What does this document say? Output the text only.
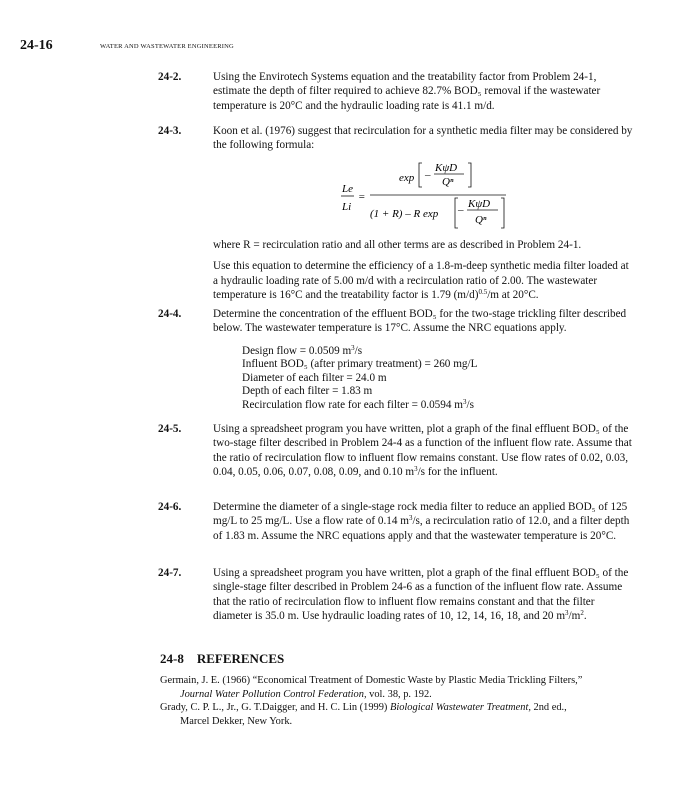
24-16	WATER AND WASTEWATER ENGINEERING
24-2.	Using the Envirotech Systems equation and the treatability factor from Problem 24-1, estimate the depth of filter required to achieve 82.7% BOD₅ removal if the wastewater temperature is 20°C and the hydraulic loading rate is 41.1 m/d.

24-3.	Koon et al. (1976) suggest that recirculation for a synthetic media filter may be considered by the following formula:

Le
Li
=
exp –
KψD
Qⁿ
(1 + R) – R exp – KψD
Qⁿ

where R = recirculation ratio and all other terms are as described in Problem 24-1.

Use this equation to determine the efficiency of a 1.8-m-deep synthetic media filter loaded at a hydraulic loading rate of 5.00 m/d with a recirculation ratio of 2.00. The wastewater temperature is 16°C and the treatability factor is 1.79 $(m/d)^{0.5}/m$ at 20°C.

24-4.	Determine the concentration of the effluent BOD₅ for the two-stage trickling filter described below. The wastewater temperature is 17°C. Assume the NRC equations apply.

Design flow = 0.0509 $m^3/s$
Influent BOD₅ (after primary treatment) = 260 mg/L
Diameter of each filter = 24.0 m
Depth of each filter = 1.83 m
Recirculation flow rate for each filter = 0.0594 $m^3/s$
24-5.	Using a spreadsheet program you have written, plot a graph of the final effluent BOD₅ of the two-stage filter described in Problem 24-4 as a function of the influent flow rate. Assume that the ratio of recirculation flow to influent flow remains constant. Use flow rates of 0.02, 0.03, 0.04, 0.05, 0.06, 0.07, 0.08, 0.09, and 0.10 $m^3/s$ for the influent.

24-6.	Determine the diameter of a single-stage rock media filter to reduce an applied BOD₅ of 125 mg/L to 25 mg/L. Use a flow rate of 0.14 $m^3/s$, a recirculation ratio of 12.0, and a filter depth of 1.83 m. Assume the NRC equations apply and that the wastewater temperature is 20°C.

24-7.	Using a spreadsheet program you have written, plot a graph of the final effluent BOD₅ of the single-stage filter described in Problem 24-6 as a function of the influent flow rate. Assume that the ratio of recirculation flow to influent flow remains constant and that the filter diameter is 35.0 m. Use hydraulic loading rates of 10, 12, 14, 16, 18, and 20 $m^3/m^2$.

24-8    REFERENCES
Germain, J. E. (1966) “Economical Treatment of Domestic Waste by Plastic Media Trickling Filters,”
Journal Water Pollution Control Federation, vol. 38, p. 192.
Grady, C. P. L., Jr., G. T.Daigger, and H. C. Lin (1999) Biological Wastewater Treatment, 2nd ed.,
Marcel Dekker, New York.
